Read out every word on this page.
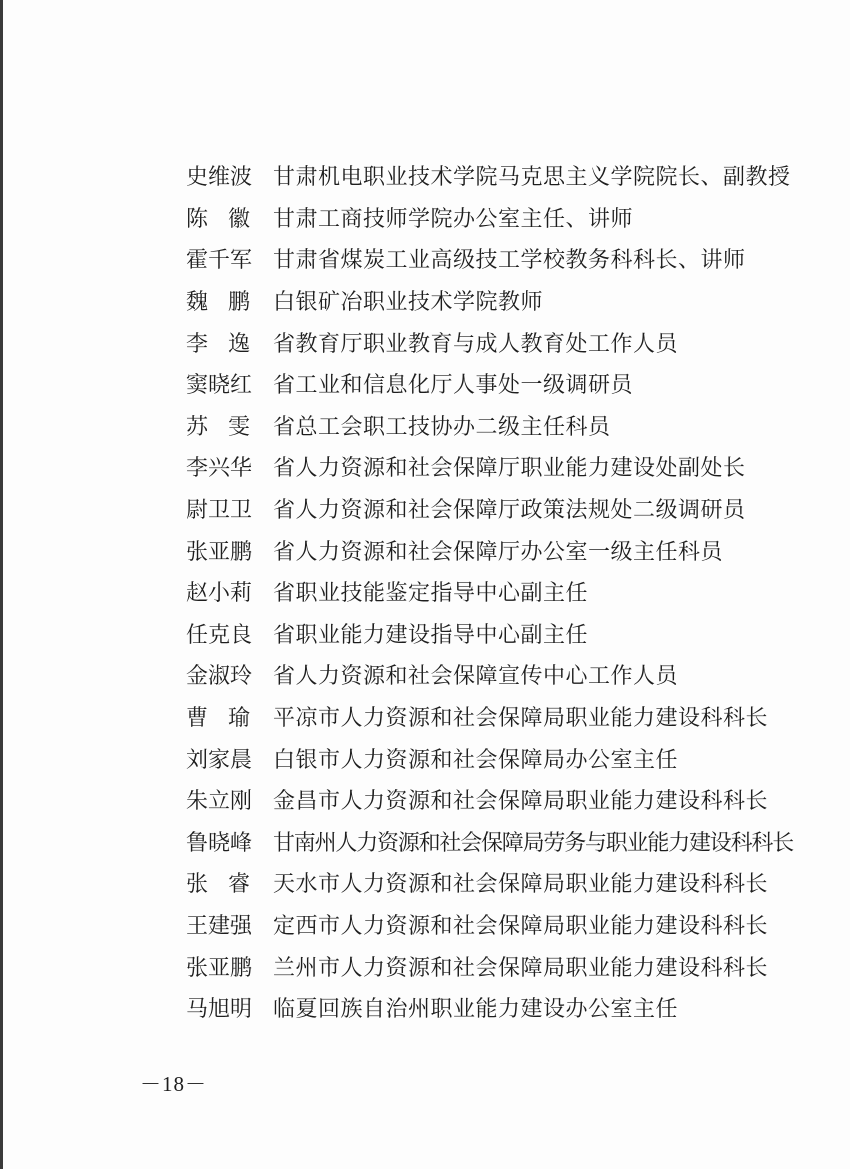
史维波 甘肃机电职业技术学院马克思主义学院院长、副教授
陈徽 甘肃工商技师学院办公室主任、讲师
霍千军 甘肃省煤炭工业高级技工学校教务科科长、讲师
魏鹏 白银矿冶职业技术学院教师
李逸 省教育厅职业教育与成人教育处工作人员
窦晓红 省工业和信息化厅人事处一级调研员
苏雯 省总工会职工技协办二级主任科员
李兴华 省人力资源和社会保障厅职业能力建设处副处长
尉卫卫 省人力资源和社会保障厅政策法规处二级调研员
张亚鹏 省人力资源和社会保障厅办公室一级主任科员
赵小莉 省职业技能鉴定指导中心副主任
任克良 省职业能力建设指导中心副主任
金淑玲 省人力资源和社会保障宣传中心工作人员
曹瑜 平凉市人力资源和社会保障局职业能力建设科科长
刘家晨 白银市人力资源和社会保障局办公室主任
朱立刚 金昌市人力资源和社会保障局职业能力建设科科长
鲁晓峰 甘南州人力资源和社会保障局劳务与职业能力建设科科长
张睿 天水市人力资源和社会保障局职业能力建设科科长
王建强 定西市人力资源和社会保障局职业能力建设科科长
张亚鹏 兰州市人力资源和社会保障局职业能力建设科科长
马旭明 临夏回族自治州职业能力建设办公室主任
－18－
